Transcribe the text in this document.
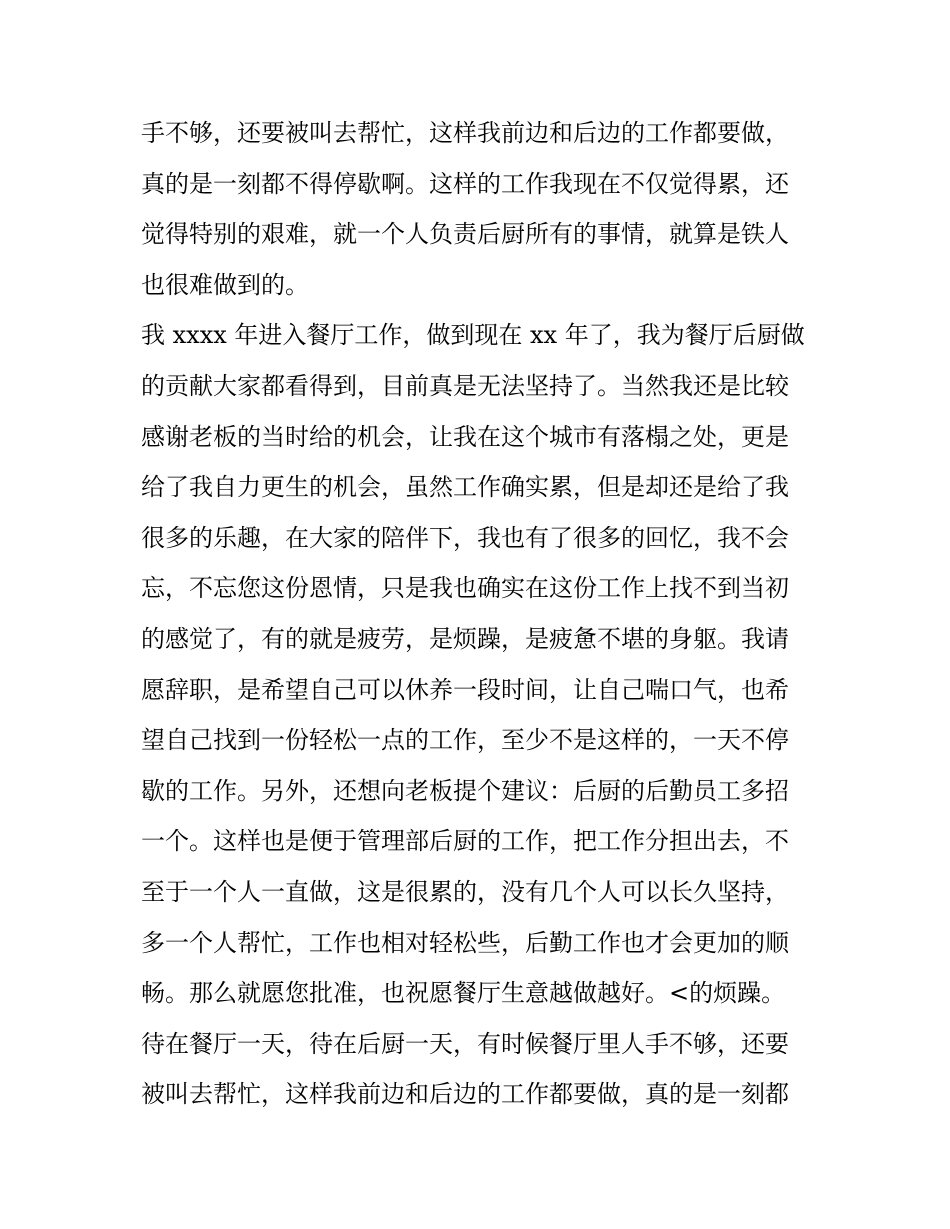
手不够，还要被叫去帮忙，这样我前边和后边的工作都要做，
真的是一刻都不得停歇啊。这样的工作我现在不仅觉得累，还
觉得特别的艰难，就一个人负责后厨所有的事情，就算是铁人
也很难做到的。
我 xxxx 年进入餐厅工作，做到现在 xx 年了，我为餐厅后厨做
的贡献大家都看得到，目前真是无法坚持了。当然我还是比较
感谢老板的当时给的机会，让我在这个城市有落榻之处，更是
给了我自力更生的机会，虽然工作确实累，但是却还是给了我
很多的乐趣，在大家的陪伴下，我也有了很多的回忆，我不会
忘，不忘您这份恩情，只是我也确实在这份工作上找不到当初
的感觉了，有的就是疲劳，是烦躁，是疲惫不堪的身躯。我请
愿辞职，是希望自己可以休养一段时间，让自己喘口气，也希
望自己找到一份轻松一点的工作，至少不是这样的，一天不停
歇的工作。另外，还想向老板提个建议：后厨的后勤员工多招
一个。这样也是便于管理部后厨的工作，把工作分担出去，不
至于一个人一直做，这是很累的，没有几个人可以长久坚持，
多一个人帮忙，工作也相对轻松些，后勤工作也才会更加的顺
畅。那么就愿您批准，也祝愿餐厅生意越做越好。<的烦躁。
待在餐厅一天，待在后厨一天，有时候餐厅里人手不够，还要
被叫去帮忙，这样我前边和后边的工作都要做，真的是一刻都
